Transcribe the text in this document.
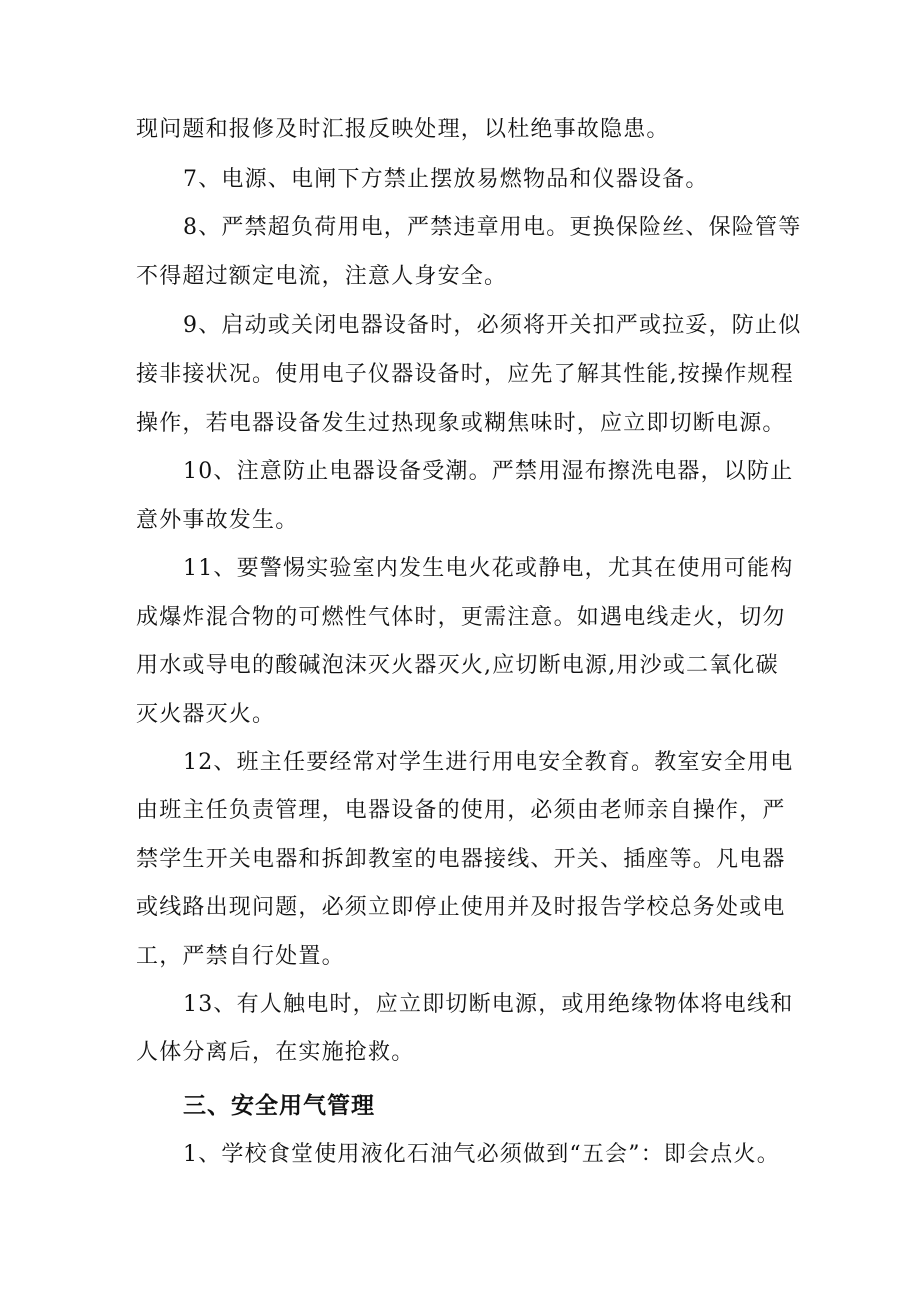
现问题和报修及时汇报反映处理，以杜绝事故隐患。
7、电源、电闸下方禁止摆放易燃物品和仪器设备。
8、严禁超负荷用电，严禁违章用电。更换保险丝、保险管等
不得超过额定电流，注意人身安全。
9、启动或关闭电器设备时，必须将开关扣严或拉妥，防止似
接非接状况。使用电子仪器设备时，应先了解其性能,按操作规程
操作，若电器设备发生过热现象或糊焦味时，应立即切断电源。
10、注意防止电器设备受潮。严禁用湿布擦洗电器，以防止
意外事故发生。
11、要警惕实验室内发生电火花或静电，尤其在使用可能构
成爆炸混合物的可燃性气体时，更需注意。如遇电线走火，切勿
用水或导电的酸碱泡沫灭火器灭火,应切断电源,用沙或二氧化碳
灭火器灭火。
12、班主任要经常对学生进行用电安全教育。教室安全用电
由班主任负责管理，电器设备的使用，必须由老师亲自操作，严
禁学生开关电器和拆卸教室的电器接线、开关、插座等。凡电器
或线路出现问题，必须立即停止使用并及时报告学校总务处或电
工，严禁自行处置。
13、有人触电时，应立即切断电源，或用绝缘物体将电线和
人体分离后，在实施抢救。
三、安全用气管理
1、学校食堂使用液化石油气必须做到“五会”：即会点火。
